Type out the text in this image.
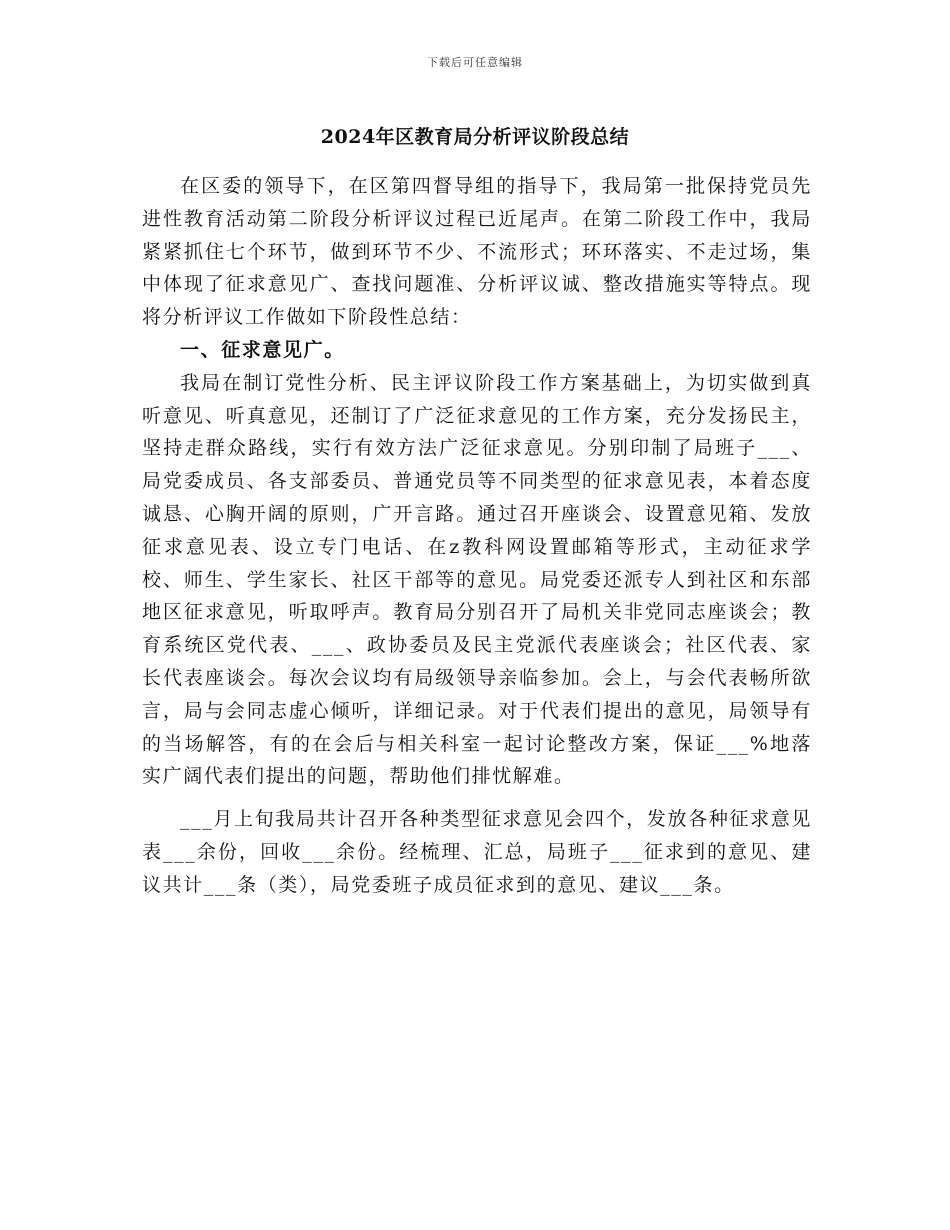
下载后可任意编辑
2024年区教育局分析评议阶段总结

在区委的领导下，在区第四督导组的指导下，我局第一批保持党员先进性教育活动第二阶段分析评议过程已近尾声。在第二阶段工作中，我局紧紧抓住七个环节，做到环节不少、不流形式；环环落实、不走过场，集中体现了征求意见广、查找问题准、分析评议诚、整改措施实等特点。现将分析评议工作做如下阶段性总结：

一、征求意见广。

我局在制订党性分析、民主评议阶段工作方案基础上，为切实做到真听意见、听真意见，还制订了广泛征求意见的工作方案，充分发扬民主，坚持走群众路线，实行有效方法广泛征求意见。分别印制了局班子___、局党委成员、各支部委员、普通党员等不同类型的征求意见表，本着态度诚恳、心胸开阔的原则，广开言路。通过召开座谈会、设置意见箱、发放征求意见表、设立专门电话、在z教科网设置邮箱等形式，主动征求学校、师生、学生家长、社区干部等的意见。局党委还派专人到社区和东部地区征求意见，听取呼声。教育局分别召开了局机关非党同志座谈会；教育系统区党代表、___、政协委员及民主党派代表座谈会；社区代表、家长代表座谈会。每次会议均有局级领导亲临参加。会上，与会代表畅所欲言，局与会同志虚心倾听，详细记录。对于代表们提出的意见，局领导有的当场解答，有的在会后与相关科室一起讨论整改方案，保证___%地落实广阔代表们提出的问题，帮助他们排忧解难。

___月上旬我局共计召开各种类型征求意见会四个，发放各种征求意见表___余份，回收___余份。经梳理、汇总，局班子___征求到的意见、建议共计___条（类），局党委班子成员征求到的意见、建议___条。
